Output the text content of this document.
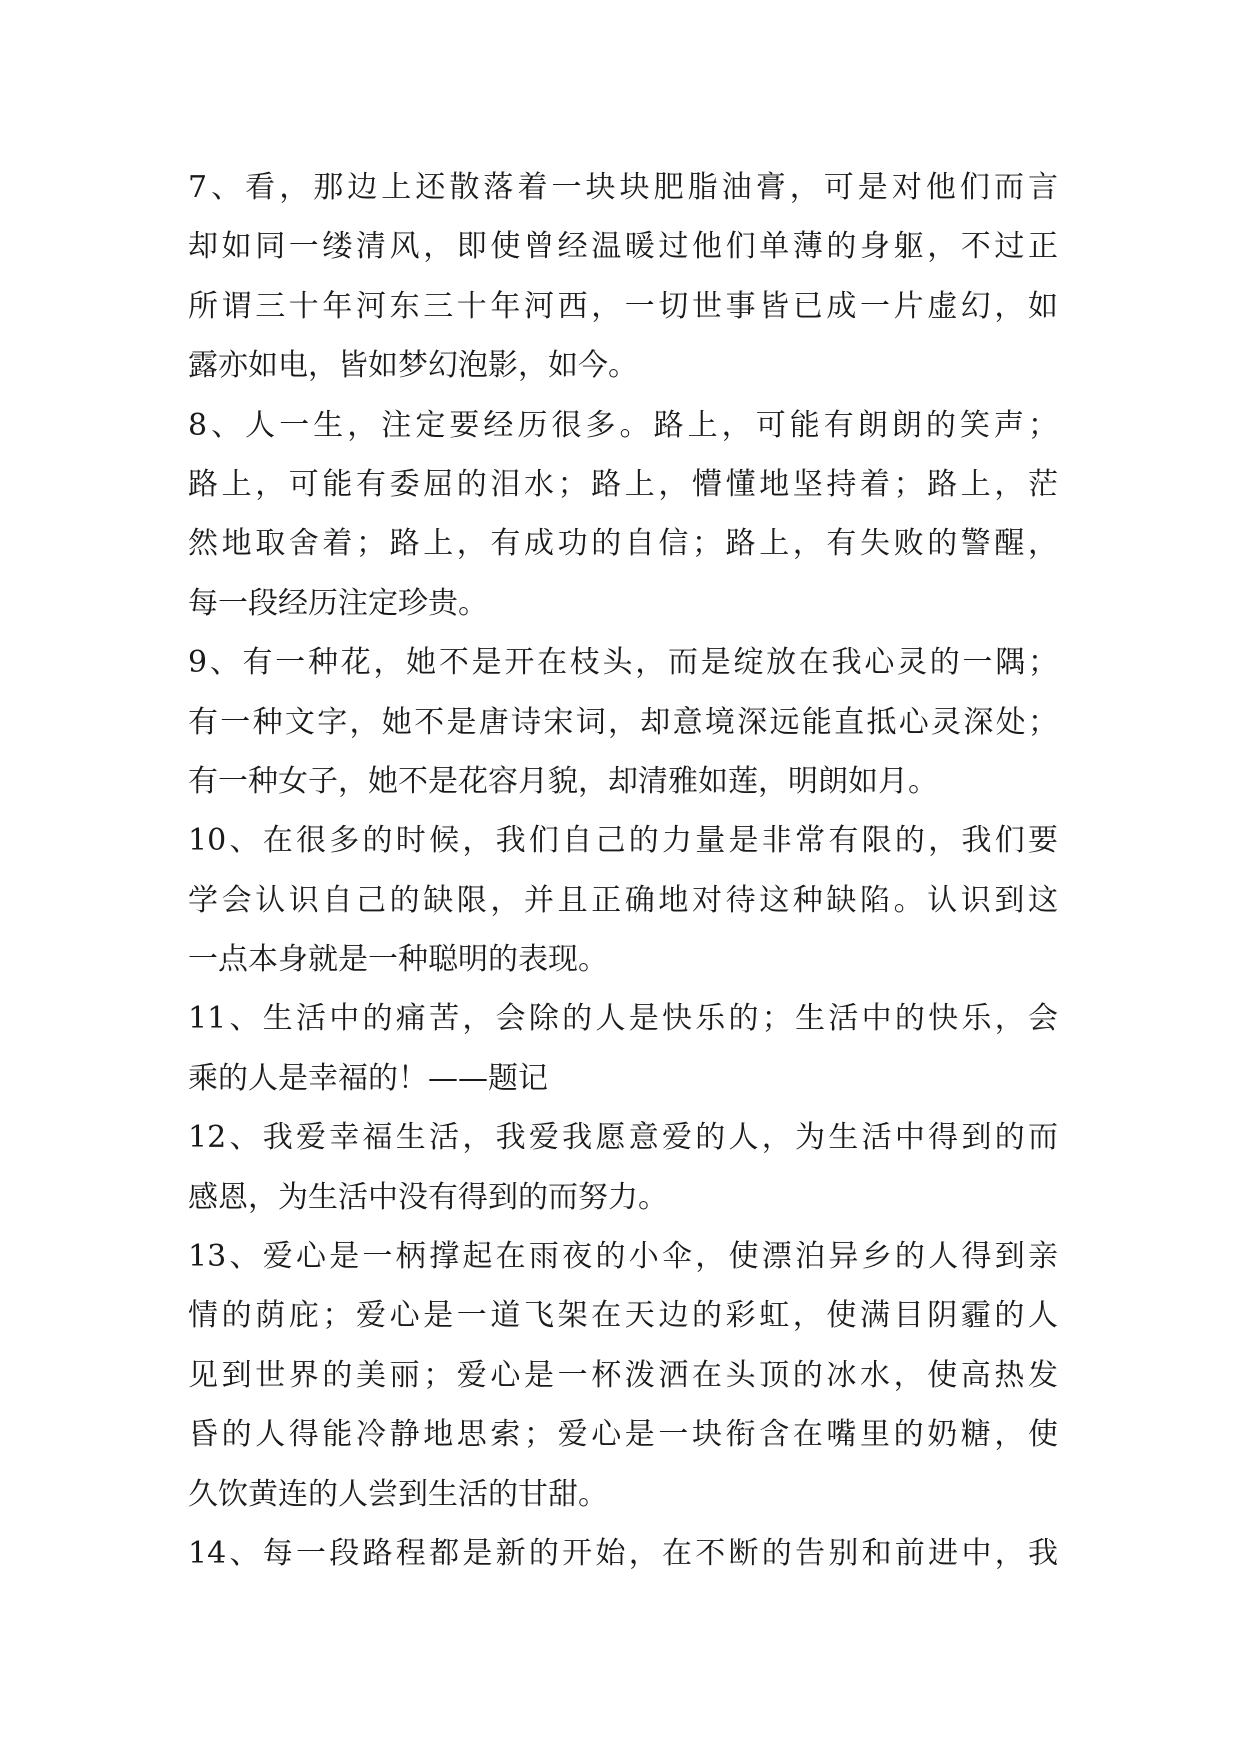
7、看，那边上还散落着一块块肥脂油膏，可是对他们而言
却如同一缕清风，即使曾经温暖过他们单薄的身躯，不过正
所谓三十年河东三十年河西，一切世事皆已成一片虚幻，如
露亦如电，皆如梦幻泡影，如今。
8、人一生，注定要经历很多。路上，可能有朗朗的笑声；
路上，可能有委屈的泪水；路上，懵懂地坚持着；路上，茫
然地取舍着；路上，有成功的自信；路上，有失败的警醒，
每一段经历注定珍贵。
9、有一种花，她不是开在枝头，而是绽放在我心灵的一隅；
有一种文字，她不是唐诗宋词，却意境深远能直抵心灵深处；
有一种女子，她不是花容月貌，却清雅如莲，明朗如月。
10、在很多的时候，我们自己的力量是非常有限的，我们要
学会认识自己的缺限，并且正确地对待这种缺陷。认识到这
一点本身就是一种聪明的表现。
11、生活中的痛苦，会除的人是快乐的；生活中的快乐，会
乘的人是幸福的！——题记
12、我爱幸福生活，我爱我愿意爱的人，为生活中得到的而
感恩，为生活中没有得到的而努力。
13、爱心是一柄撑起在雨夜的小伞，使漂泊异乡的人得到亲
情的荫庇；爱心是一道飞架在天边的彩虹，使满目阴霾的人
见到世界的美丽；爱心是一杯泼洒在头顶的冰水，使高热发
昏的人得能冷静地思索；爱心是一块衔含在嘴里的奶糖，使
久饮黄连的人尝到生活的甘甜。
14、每一段路程都是新的开始，在不断的告别和前进中，我
